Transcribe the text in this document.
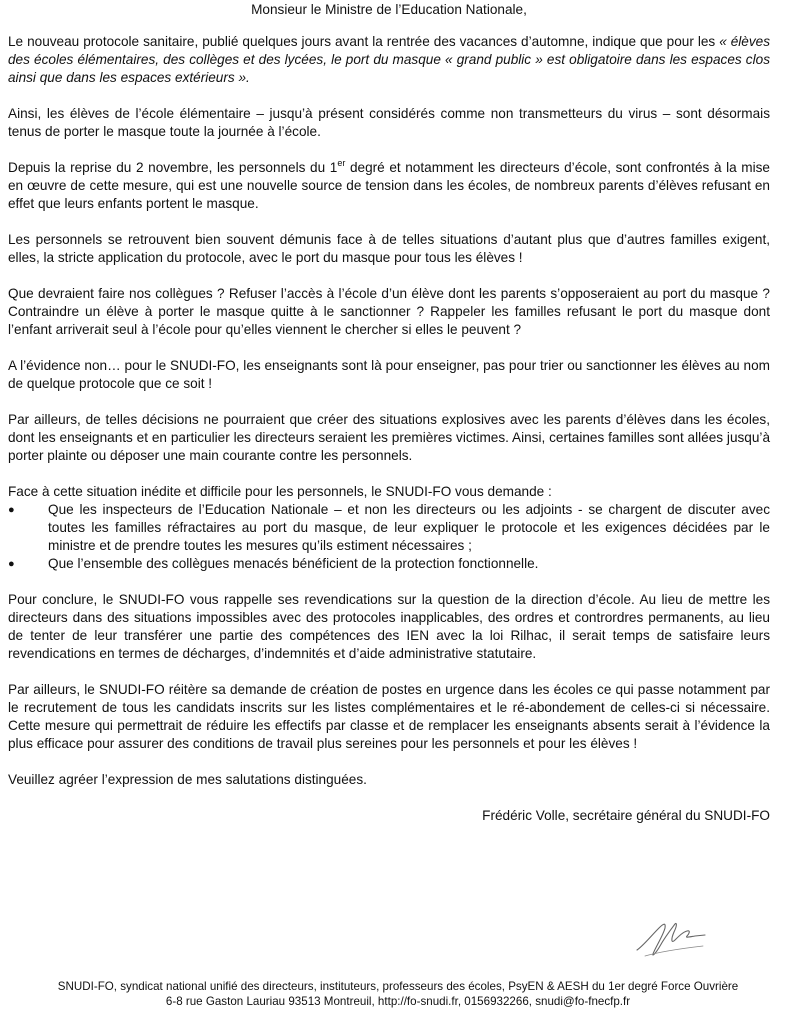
Monsieur le Ministre de l’Education Nationale,

Le nouveau protocole sanitaire, publié quelques jours avant la rentrée des vacances d’automne, indique que pour les « élèves des écoles élémentaires, des collèges et des lycées, le port du masque « grand public » est obligatoire dans les espaces clos ainsi que dans les espaces extérieurs ».

Ainsi, les élèves de l’école élémentaire – jusqu’à présent considérés comme non transmetteurs du virus – sont désormais tenus de porter le masque toute la journée à l’école.

Depuis la reprise du 2 novembre, les personnels du 1er degré et notamment les directeurs d’école, sont confrontés à la mise en œuvre de cette mesure, qui est une nouvelle source de tension dans les écoles, de nombreux parents d’élèves refusant en effet que leurs enfants portent le masque.

Les personnels se retrouvent bien souvent démunis face à de telles situations d’autant plus que d’autres familles exigent, elles, la stricte application du protocole, avec le port du masque pour tous les élèves !

Que devraient faire nos collègues ? Refuser l’accès à l’école d’un élève dont les parents s’opposeraient au port du masque ? Contraindre un élève à porter le masque quitte à le sanctionner ? Rappeler les familles refusant le port du masque dont l’enfant arriverait seul à l’école pour qu’elles viennent le chercher si elles le peuvent ?

A l’évidence non… pour le SNUDI-FO, les enseignants sont là pour enseigner, pas pour trier ou sanctionner les élèves au nom de quelque protocole que ce soit !

Par ailleurs, de telles décisions ne pourraient que créer des situations explosives avec les parents d’élèves dans les écoles, dont les enseignants et en particulier les directeurs seraient les premières victimes. Ainsi, certaines familles sont allées jusqu’à porter plainte ou déposer une main courante contre les personnels.

Face à cette situation inédite et difficile pour les personnels, le SNUDI-FO vous demande :

● Que les inspecteurs de l’Education Nationale – et non les directeurs ou les adjoints - se chargent de discuter avec toutes les familles réfractaires au port du masque, de leur expliquer le protocole et les exigences décidées par le ministre et de prendre toutes les mesures qu’ils estiment nécessaires ;
● Que l’ensemble des collègues menacés bénéficient de la protection fonctionnelle.

Pour conclure, le SNUDI-FO vous rappelle ses revendications sur la question de la direction d’école. Au lieu de mettre les directeurs dans des situations impossibles avec des protocoles inapplicables, des ordres et contrordres permanents, au lieu de tenter de leur transférer une partie des compétences des IEN avec la loi Rilhac, il serait temps de satisfaire leurs revendications en termes de décharges, d’indemnités et d’aide administrative statutaire.

Par ailleurs, le SNUDI-FO réitère sa demande de création de postes en urgence dans les écoles ce qui passe notamment par le recrutement de tous les candidats inscrits sur les listes complémentaires et le ré-abondement de celles-ci si nécessaire. Cette mesure qui permettrait de réduire les effectifs par classe et de remplacer les enseignants absents serait à l’évidence la plus efficace pour assurer des conditions de travail plus sereines pour les personnels et pour les élèves !

Veuillez agréer l’expression de mes salutations distinguées.

Frédéric Volle, secrétaire général du SNUDI-FO
SNUDI-FO, syndicat national unifié des directeurs, instituteurs, professeurs des écoles, PsyEN & AESH du 1er degré Force Ouvrière
6-8 rue Gaston Lauriau 93513 Montreuil, http://fo-snudi.fr, 0156932266, snudi@fo-fnecfp.fr
